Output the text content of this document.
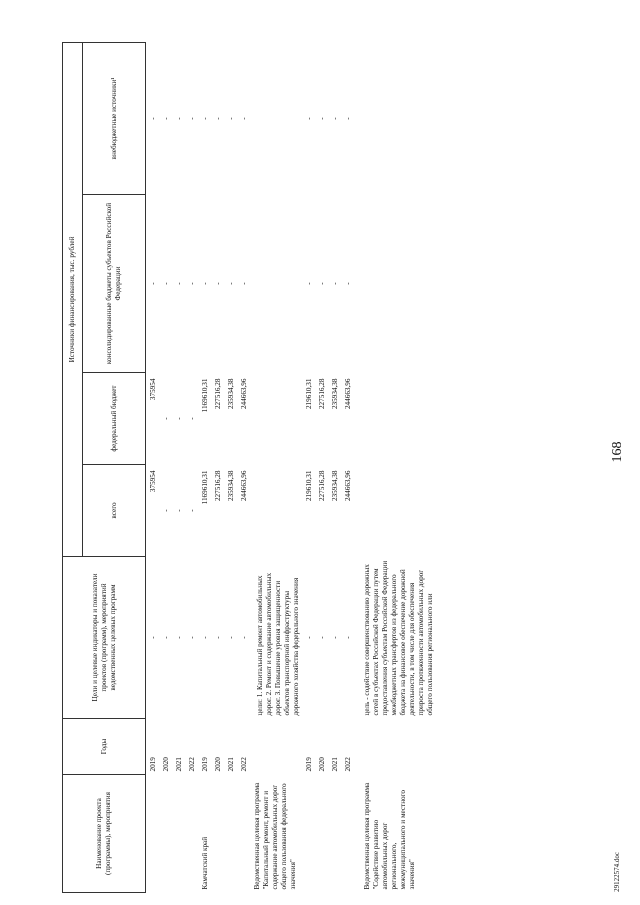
168
29122574.doc
Наименование проекта (программы), мероприятия	Годы	Цели и целевые индикаторы и показатели проектов (программ), мероприятий ведомственных целевых программ	Источники финансирования, тыс. рублей			
			всего	федеральный бюджет	консолидированные бюджеты субъектов Российской Федерации	внебюджетные источники¹
	2019	-	375954	375954	-	-
	2020	-	-	-	-	-
	2021	-	-	-	-	-
	2022	-	-	-	-	-
Камчатский край	2019	-	1169610,31	1169610,31	-	-
	2020	-	227516,28	227516,28	-	-
	2021	-	235934,38	235934,38	-	-
	2022	-	244663,96	244663,96	-	-
Ведомственная целевая программа "Капитальный ремонт, ремонт и содержание автомобильных дорог общего пользования федерального значения"		цели: 1. Капитальный ремонт автомобильных дорог. 2. Ремонт и содержание автомобильных дорог. 3. Повышение уровня защищенности объектов транспортной инфраструктуры дорожного хозяйства федерального значения				
	2019	-	219610,31	219610,31	-	-
	2020	-	227516,28	227516,28	-	-
	2021	-	235934,38	235934,38	-	-
	2022	-	244663,96	244663,96	-	-
Ведомственная целевая программа "Содействие развитию автомобильных дорог регионального, межмуниципального и местного значения"		цель - содействие совершенствованию дорожных сетей в субъектах Российской Федерации путем предоставления субъектам Российской Федерации межбюджетных трансфертов из федерального бюджета на финансовое обеспечение дорожной деятельности, в том числе для обеспечения прироста протяженности автомобильных дорог общего пользования регионального или				
